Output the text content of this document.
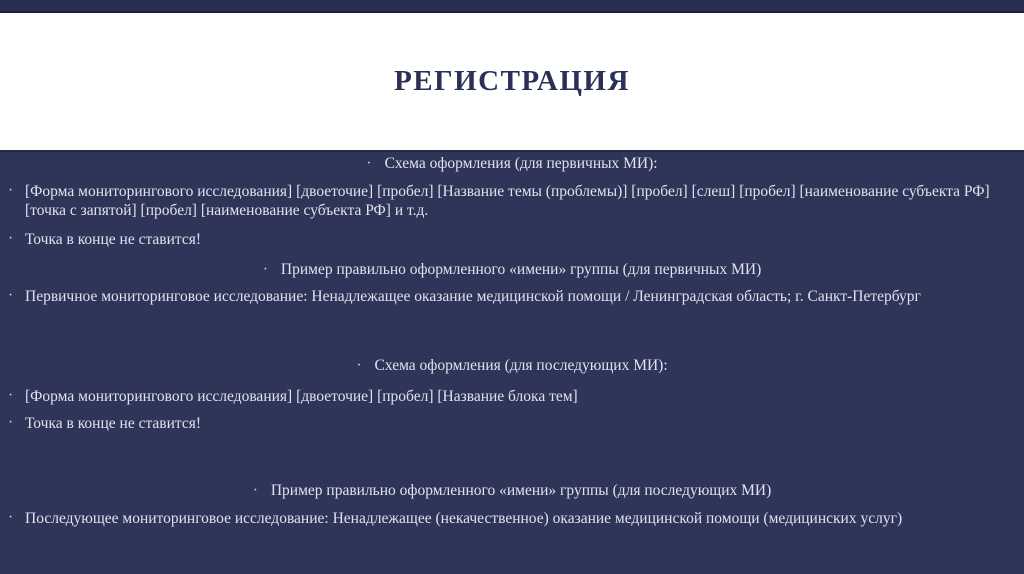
РЕГИСТРАЦИЯ
· Схема оформления (для первичных МИ):
· [Форма мониторингового исследования] [двоеточие] [пробел] [Название темы (проблемы)] [пробел] [слеш] [пробел] [наименование субъекта РФ] [точка с запятой] [пробел] [наименование субъекта РФ] и т.д.
· Точка в конце не ставится!
· Пример правильно оформленного «имени» группы (для первичных МИ)
· Первичное мониторинговое исследование: Ненадлежащее оказание медицинской помощи / Ленинградская область; г. Санкт-Петербург
· Схема оформления (для последующих МИ):
· [Форма мониторингового исследования] [двоеточие] [пробел] [Название блока тем]
· Точка в конце не ставится!
· Пример правильно оформленного «имени» группы (для последующих МИ)
· Последующее мониторинговое исследование: Ненадлежащее (некачественное) оказание медицинской помощи (медицинских услуг)
